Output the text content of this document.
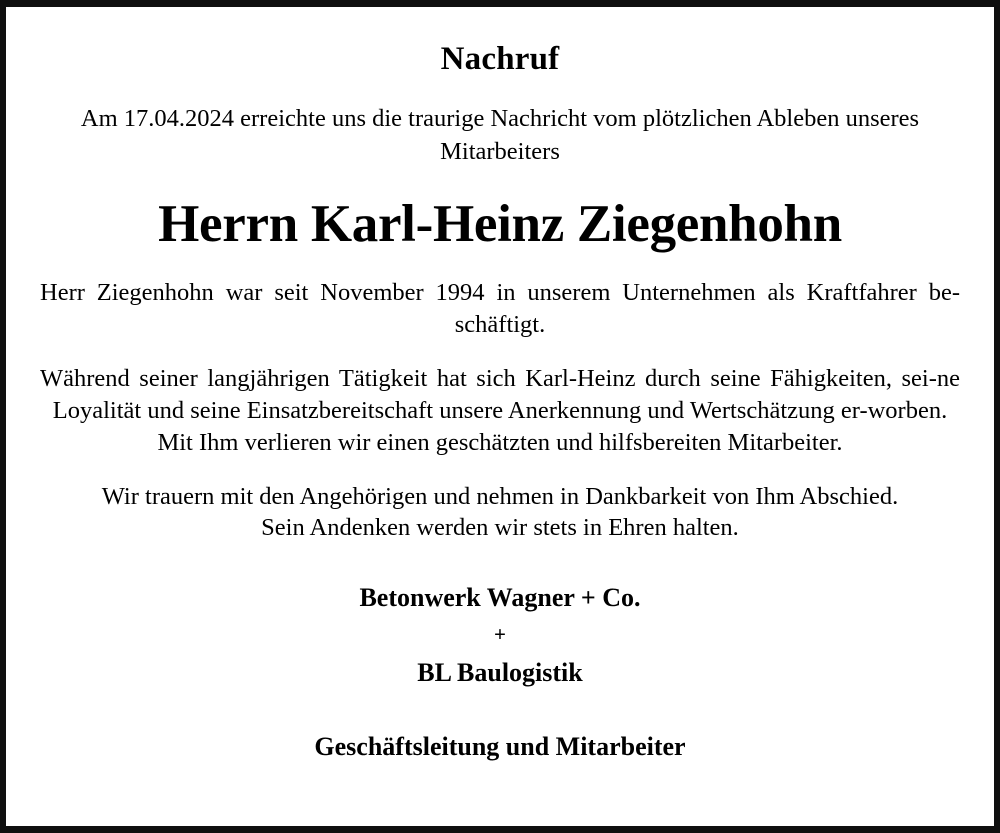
Nachruf
Am 17.04.2024 erreichte uns die traurige Nachricht vom plötzlichen Ableben unseres Mitarbeiters
Herrn Karl-Heinz Ziegenhohn
Herr Ziegenhohn war seit November 1994 in unserem Unternehmen als Kraftfahrer be-schäftigt.
Während seiner langjährigen Tätigkeit hat sich Karl-Heinz durch seine Fähigkeiten, sei-ne Loyalität und seine Einsatzbereitschaft unsere Anerkennung und Wertschätzung er-worben.
Mit Ihm verlieren wir einen geschätzten und hilfsbereiten Mitarbeiter.
Wir trauern mit den Angehörigen und nehmen in Dankbarkeit von Ihm Abschied.
Sein Andenken werden wir stets in Ehren halten.
Betonwerk Wagner + Co.
+
BL Baulogistik
Geschäftsleitung und Mitarbeiter
